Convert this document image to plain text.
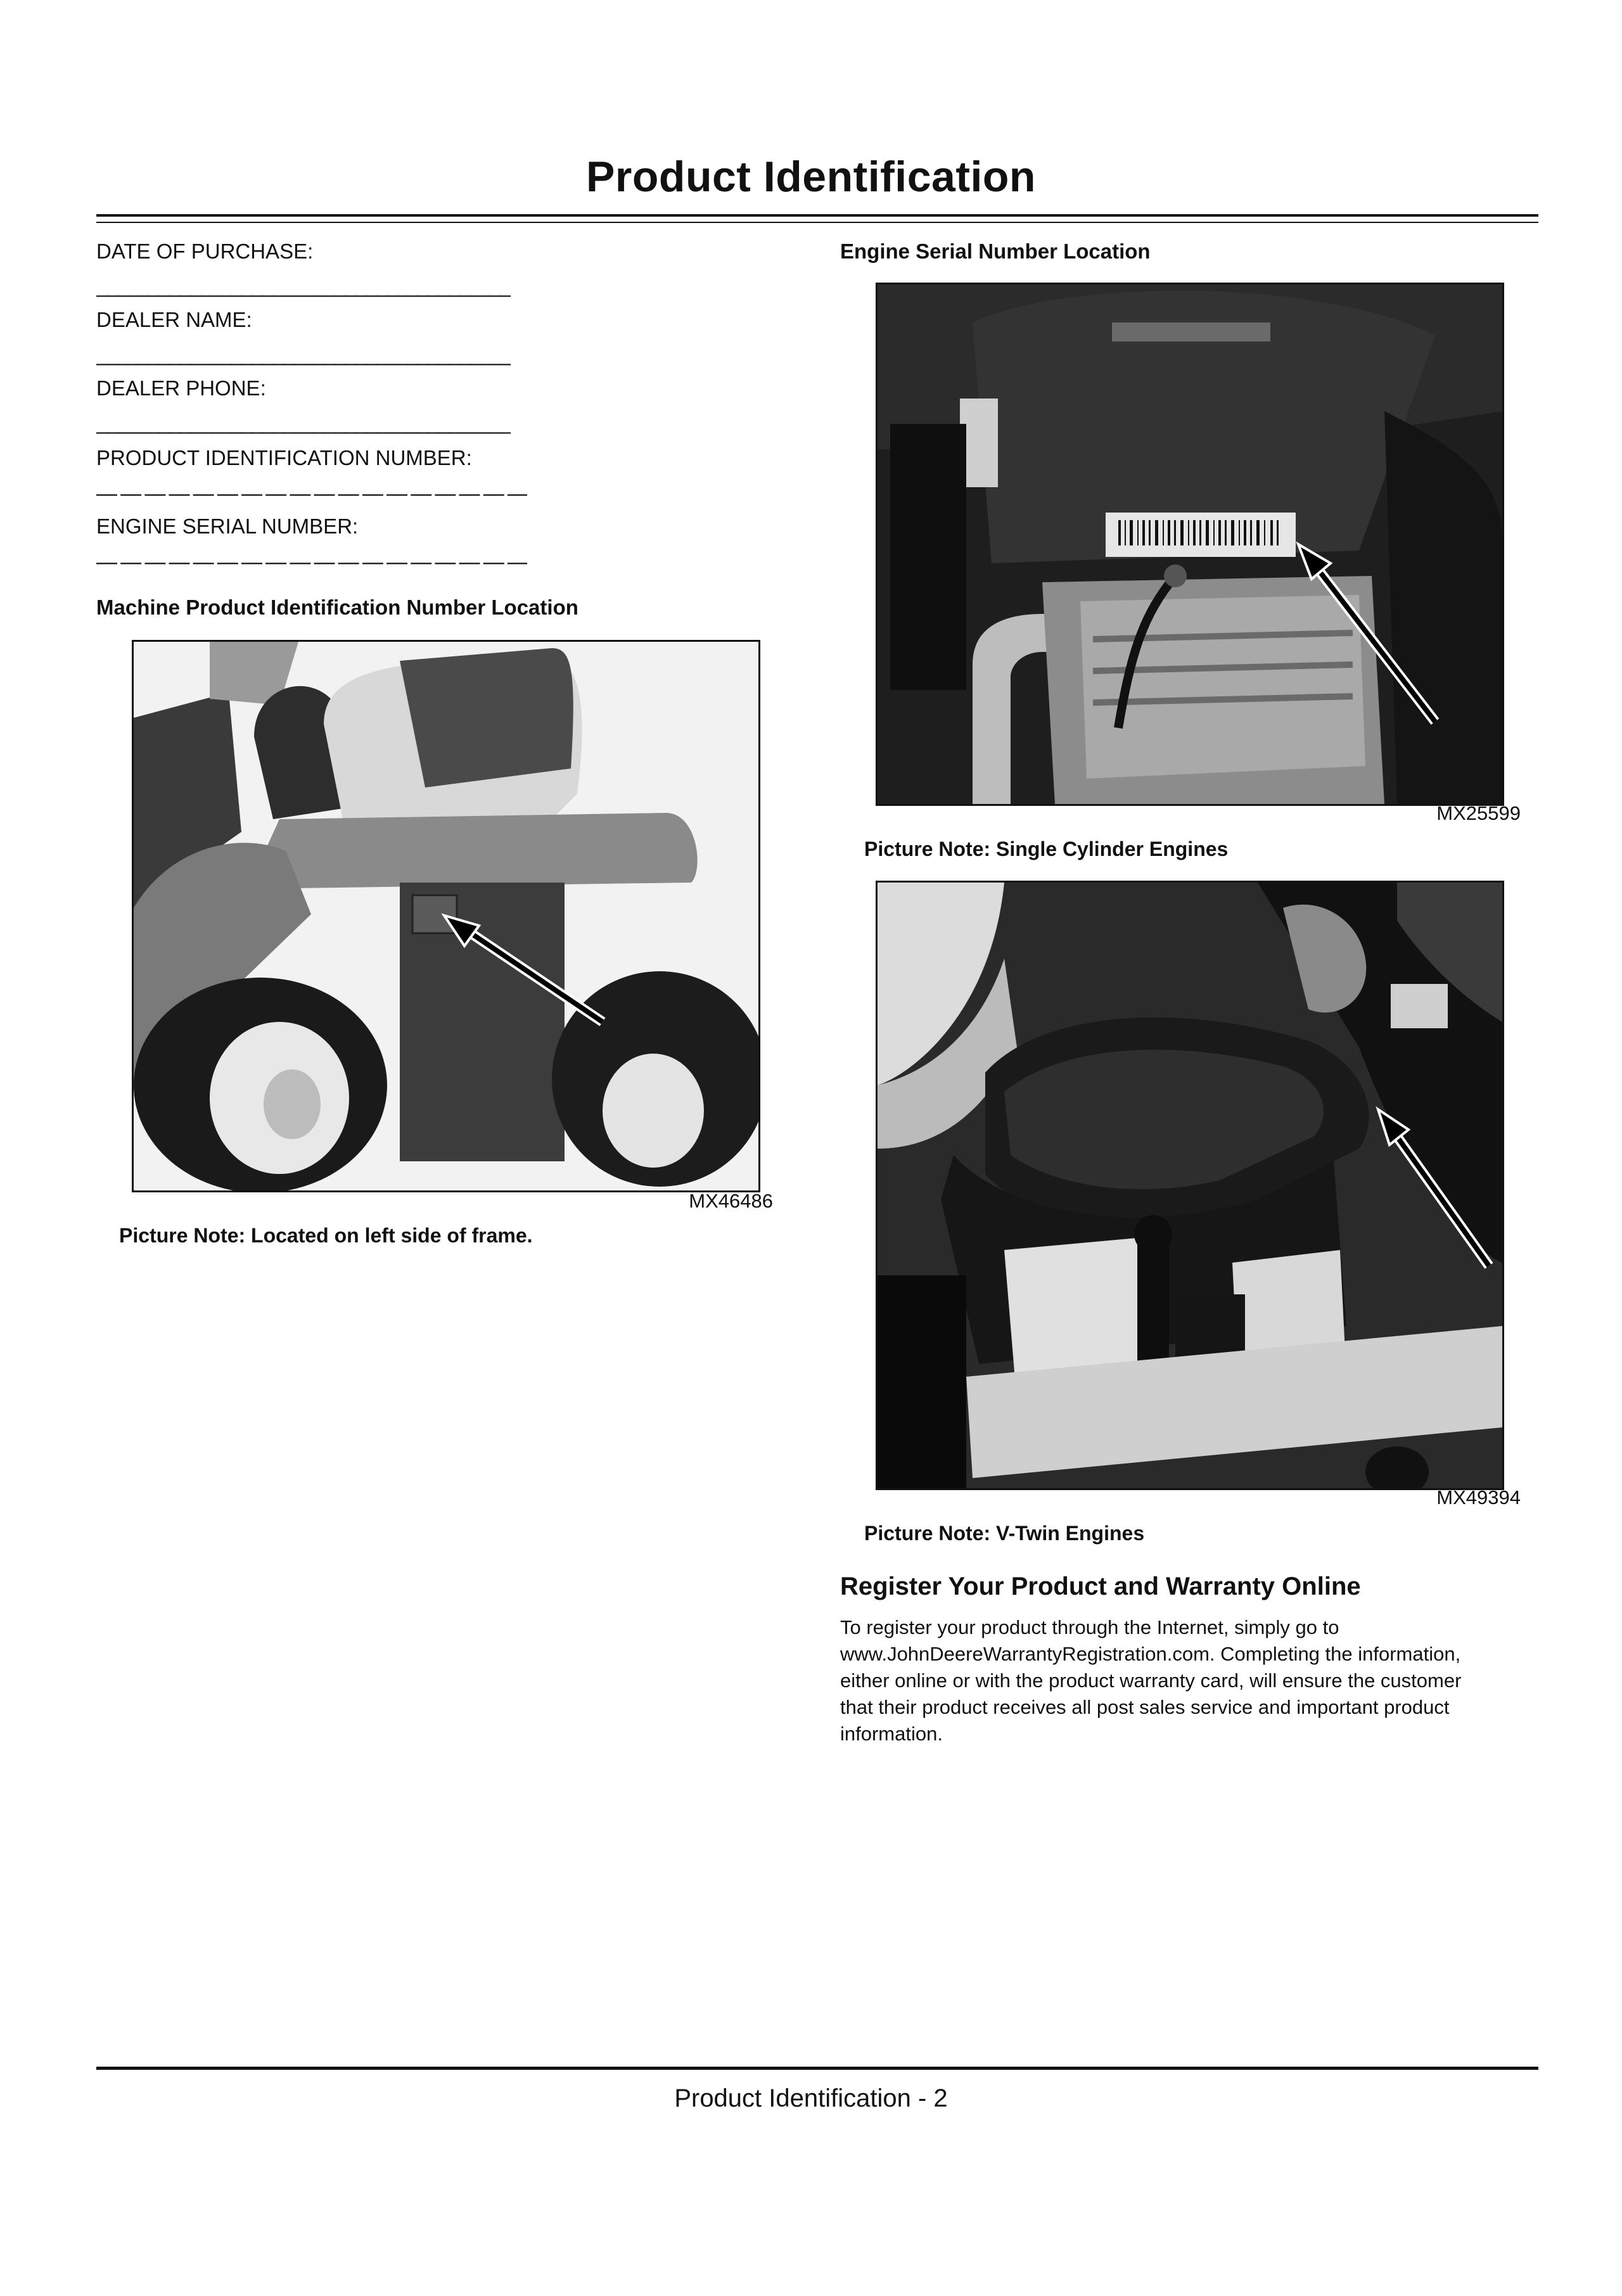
Product Identification
DATE OF PURCHASE:
________________________________________
DEALER NAME:
________________________________________
DEALER PHONE:
________________________________________
PRODUCT IDENTIFICATION NUMBER:
— — — — — — — — — — — — — — — — — —
ENGINE SERIAL NUMBER:
— — — — — — — — — — — — — — — — — —
Machine Product Identification Number Location
MX46486
Picture Note: Located on left side of frame.
Engine Serial Number Location
MX25599
Picture Note: Single Cylinder Engines
MX49394
Picture Note: V-Twin Engines
Register Your Product and Warranty Online
To register your product through the Internet, simply go to
www.JohnDeereWarrantyRegistration.com. Completing the information,
either online or with the product warranty card, will ensure the customer
that their product receives all post sales service and important product
information.
Product Identification - 2
